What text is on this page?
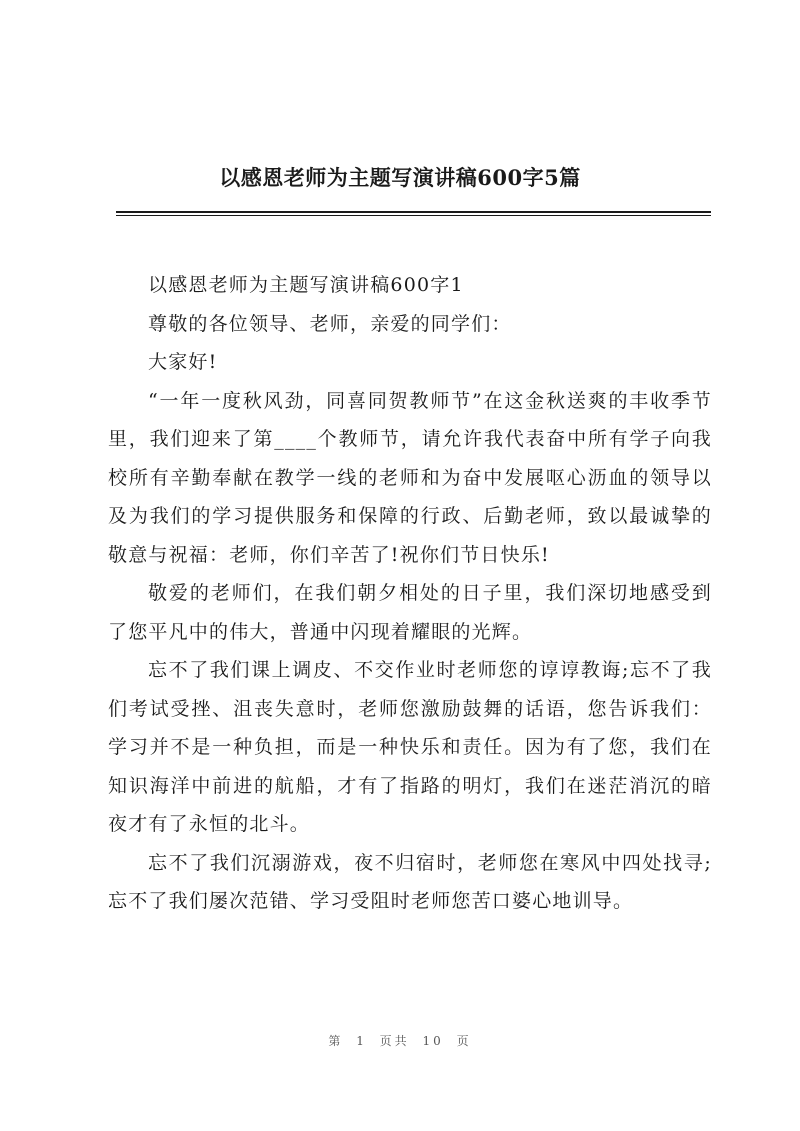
以感恩老师为主题写演讲稿600字5篇

以感恩老师为主题写演讲稿600字1

尊敬的各位领导、老师，亲爱的同学们：

大家好!

“一年一度秋风劲，同喜同贺教师节”在这金秋送爽的丰收季节里，我们迎来了第____个教师节，请允许我代表奋中所有学子向我校所有辛勤奉献在教学一线的老师和为奋中发展呕心沥血的领导以及为我们的学习提供服务和保障的行政、后勤老师，致以最诚挚的敬意与祝福：老师，你们辛苦了!祝你们节日快乐!

敬爱的老师们，在我们朝夕相处的日子里，我们深切地感受到了您平凡中的伟大，普通中闪现着耀眼的光辉。

忘不了我们课上调皮、不交作业时老师您的谆谆教诲;忘不了我们考试受挫、沮丧失意时，老师您激励鼓舞的话语，您告诉我们：学习并不是一种负担，而是一种快乐和责任。因为有了您，我们在知识海洋中前进的航船，才有了指路的明灯，我们在迷茫消沉的暗夜才有了永恒的北斗。

忘不了我们沉溺游戏，夜不归宿时，老师您在寒风中四处找寻;忘不了我们屡次范错、学习受阻时老师您苦口婆心地训导。

第 1 页共 10 页
